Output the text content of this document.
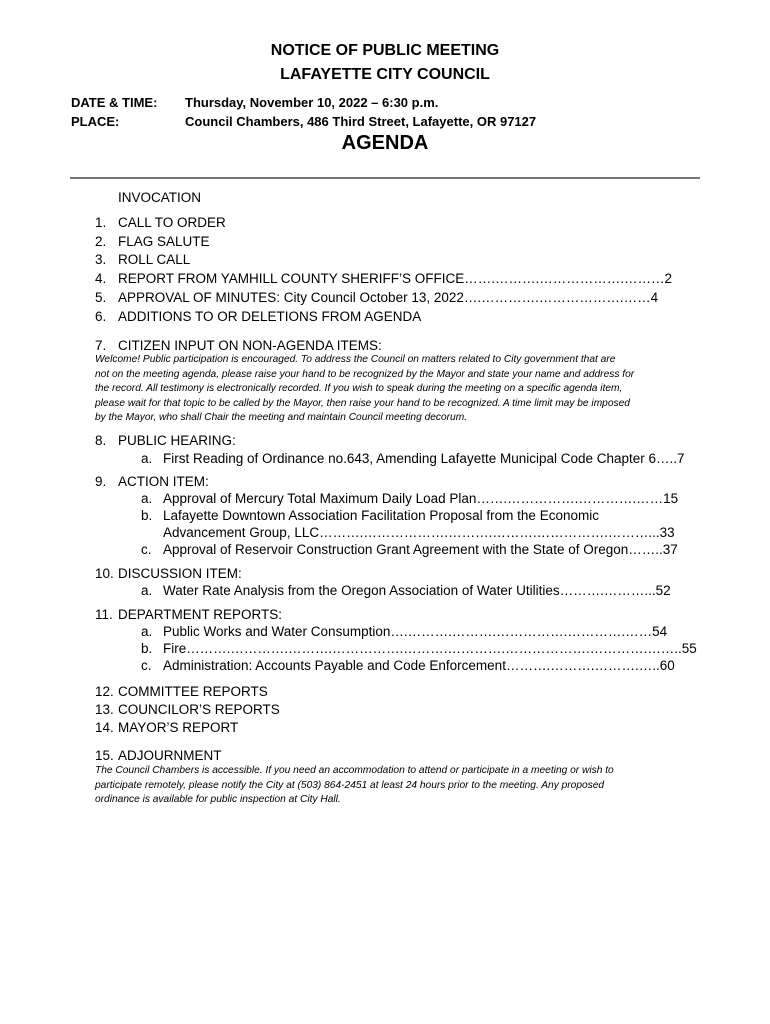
NOTICE OF PUBLIC MEETING
LAFAYETTE CITY COUNCIL
DATE & TIME: Thursday, November 10, 2022 – 6:30 p.m.
PLACE:	Council Chambers, 486 Third Street, Lafayette, OR 97127
AGENDA
INVOCATION
1. CALL TO ORDER
2. FLAG SALUTE
3. ROLL CALL
4. REPORT FROM YAMHILL COUNTY SHERIFF’S OFFICE…….……….……………….………2
5. APPROVAL OF MINUTES: City Council October 13, 2022….………….……………….……4
6. ADDITIONS TO OR DELETIONS FROM AGENDA
7. CITIZEN INPUT ON NON-AGENDA ITEMS:
Welcome! Public participation is encouraged. To address the Council on matters related to City government that are
not on the meeting agenda, please raise your hand to be recognized by the Mayor and state your name and address for
the record. All testimony is electronically recorded. If you wish to speak during the meeting on a specific agenda item,
please wait for that topic to be called by the Mayor, then raise your hand to be recognized. A time limit may be imposed
by the Mayor, who shall Chair the meeting and maintain Council meeting decorum.
8. PUBLIC HEARING:
a. First Reading of Ordinance no.643, Amending Lafayette Municipal Code Chapter 6…..7
9. ACTION ITEM:
a. Approval of Mercury Total Maximum Daily Load Plan…….…………….………….……15
b. Lafayette Downtown Association Facilitation Proposal from the Economic
Advancement Group, LLC……….……………….……….……….…………….………...33
c. Approval of Reservoir Construction Grant Agreement with the State of Oregon……..37
10. DISCUSSION ITEM:
a. Water Rate Analysis from the Oregon Association of Water Utilities……….………...52
11. DEPARTMENT REPORTS:
a. Public Works and Water Consumption….……….……….…………….………….……54
b. Fire……….………….……….…………….……….………….……………….………….……..55
c. Administration: Accounts Payable and Code Enforcement……….……….……….…..60
12. COMMITTEE REPORTS
13. COUNCILOR’S REPORTS
14. MAYOR’S REPORT
15. ADJOURNMENT
The Council Chambers is accessible. If you need an accommodation to attend or participate in a meeting or wish to
participate remotely, please notify the City at (503) 864-2451 at least 24 hours prior to the meeting. Any proposed
ordinance is available for public inspection at City Hall.
